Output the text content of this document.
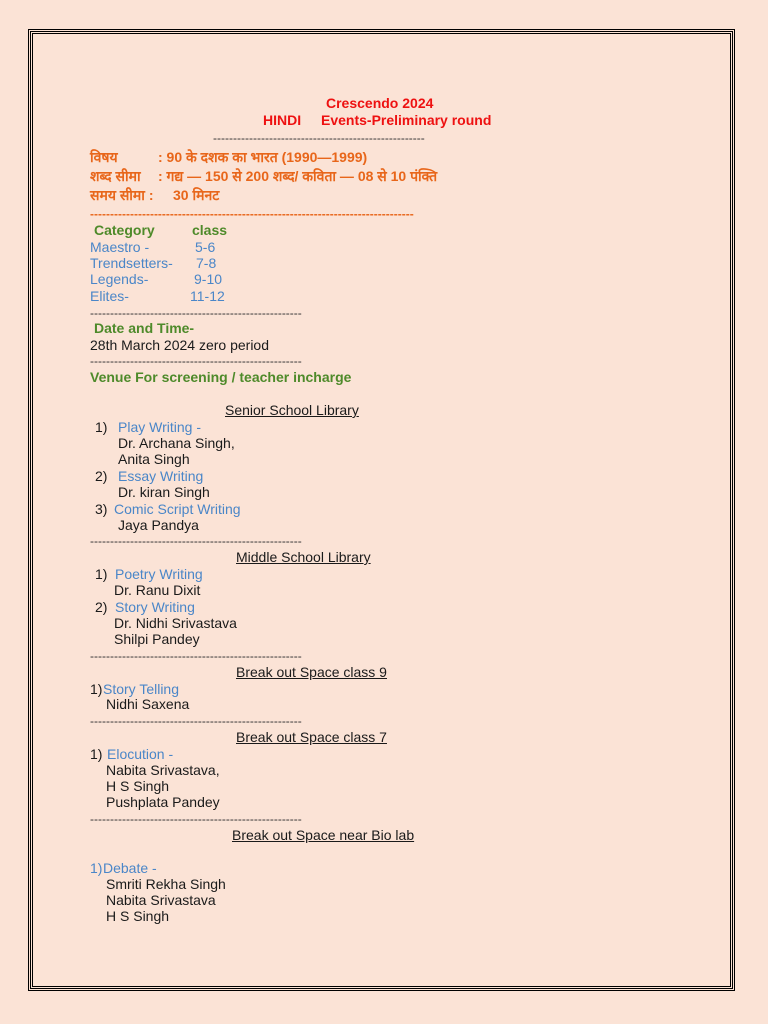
Crescendo 2024
HINDI Events-Preliminary round
-----------------------------------------------------
विषय	: 90 के दशक का भारत (1990—1999)
शब्द सीमा : गद्य — 150 से 200 शब्द/ कविता — 08 से 10 पंक्ति
समय सीमा : 30 मिनट
---------------------------------------------------------------------------------
Category	class
Maestro -	5-6
Trendsetters- 7-8
Legends-	9-10
Elites-	11-12
-----------------------------------------------------
Date and Time-
28th March 2024 zero period
-----------------------------------------------------
Venue For screening / teacher incharge
Senior School Library
1) Play Writing -
Dr. Archana Singh,
Anita Singh
2) Essay Writing
Dr. kiran Singh
3) Comic Script Writing
Jaya Pandya
-----------------------------------------------------
Middle School Library
1) Poetry Writing
Dr. Ranu Dixit
2) Story Writing
Dr. Nidhi Srivastava
Shilpi Pandey
-----------------------------------------------------
Break out Space class 9
1) Story Telling
Nidhi Saxena
-----------------------------------------------------
Break out Space class 7
1) Elocution -
Nabita Srivastava,
H S Singh
Pushplata Pandey
-----------------------------------------------------
Break out Space near Bio lab
1) Debate -
Smriti Rekha Singh
Nabita Srivastava
H S Singh
